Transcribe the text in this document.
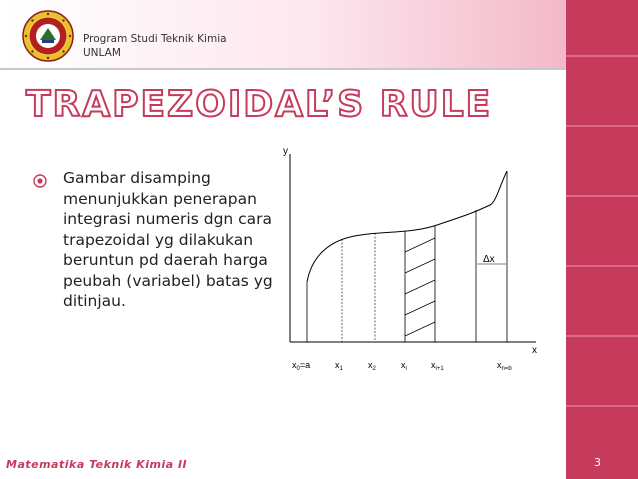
Program Studi Teknik Kimia
UNLAM
TRAPEZOIDAL’S RULE
Gambar disamping menunjukkan penerapan integrasi numeris dgn cara trapezoidal yg dilakukan beruntun pd daerah harga peubah (variabel) batas yg ditinjau.
y
x
Δx
$x_0=a$	$x_1$	$x_2$	$x_i$	$x_{i+1}$	$x_{n=b}$
Matematika Teknik Kimia II	3
